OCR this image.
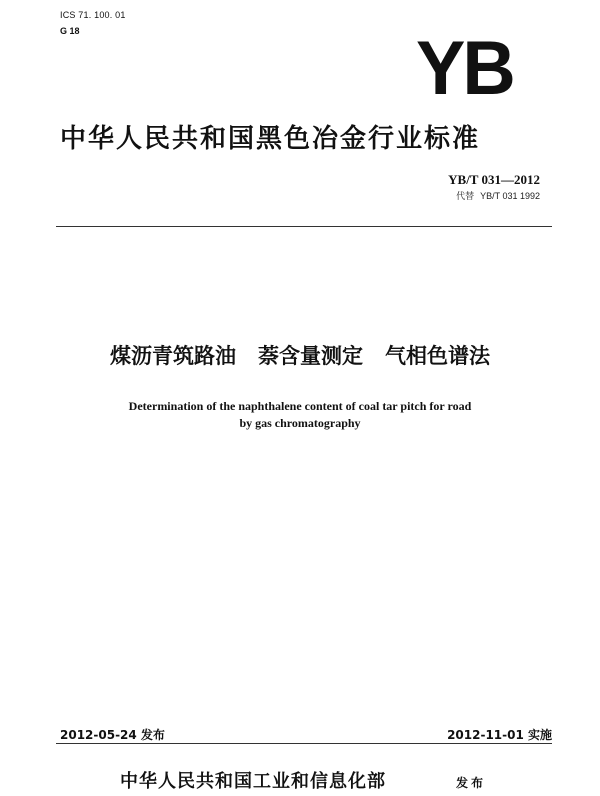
ICS 71. 100. 01
G 18	YB
中华人民共和国黑色冶金行业标准
YB/T 031—2012
代替 YB/T 031 1992
煤沥青筑路油 萘含量测定 气相色谱法
Determination of the naphthalene content of coal tar pitch for road
by gas chromatography
2012-05-24 发布	2012-11-01 实施
中华人民共和国工业和信息化部	发布
